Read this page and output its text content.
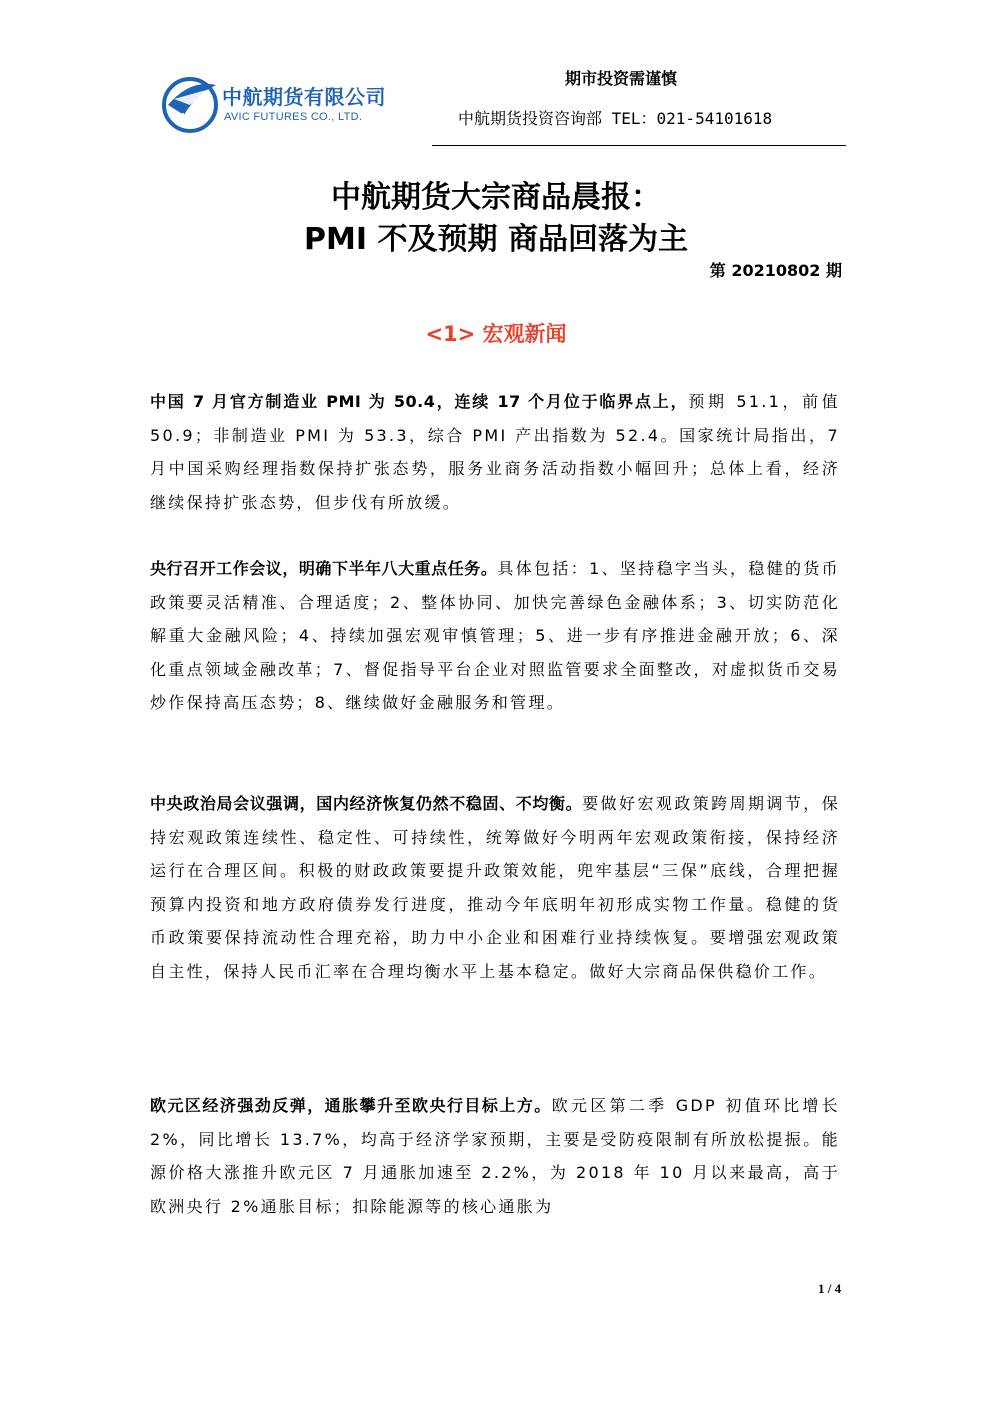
AVIC
中航期货有限公司
AVIC FUTURES CO., LTD.
期市投资需谨慎
中航期货投资咨询部 TEL：021-54101618
中航期货大宗商品晨报：
PMI 不及预期 商品回落为主
第 20210802 期
<1> 宏观新闻
中国 7 月官方制造业 PMI 为 50.4，连续 17 个月位于临界点上，预期 51.1，前值 50.9；非制造业 PMI 为 53.3，综合 PMI 产出指数为 52.4。国家统计局指出，7 月中国采购经理指数保持扩张态势，服务业商务活动指数小幅回升；总体上看，经济继续保持扩张态势，但步伐有所放缓。
央行召开工作会议，明确下半年八大重点任务。具体包括：1、坚持稳字当头，稳健的货币政策要灵活精准、合理适度；2、整体协同、加快完善绿色金融体系；3、切实防范化解重大金融风险；4、持续加强宏观审慎管理；5、进一步有序推进金融开放；6、深化重点领域金融改革；7、督促指导平台企业对照监管要求全面整改，对虚拟货币交易炒作保持高压态势；8、继续做好金融服务和管理。
中央政治局会议强调，国内经济恢复仍然不稳固、不均衡。要做好宏观政策跨周期调节，保持宏观政策连续性、稳定性、可持续性，统筹做好今明两年宏观政策衔接，保持经济运行在合理区间。积极的财政政策要提升政策效能，兜牢基层“三保”底线，合理把握预算内投资和地方政府债券发行进度，推动今年底明年初形成实物工作量。稳健的货币政策要保持流动性合理充裕，助力中小企业和困难行业持续恢复。要增强宏观政策自主性，保持人民币汇率在合理均衡水平上基本稳定。做好大宗商品保供稳价工作。
欧元区经济强劲反弹，通胀攀升至欧央行目标上方。欧元区第二季 GDP 初值环比增长 2%，同比增长 13.7%，均高于经济学家预期，主要是受防疫限制有所放松提振。能源价格大涨推升欧元区 7 月通胀加速至 2.2%，为 2018 年 10 月以来最高，高于欧洲央行 2%通胀目标；扣除能源等的核心通胀为
1 / 4
